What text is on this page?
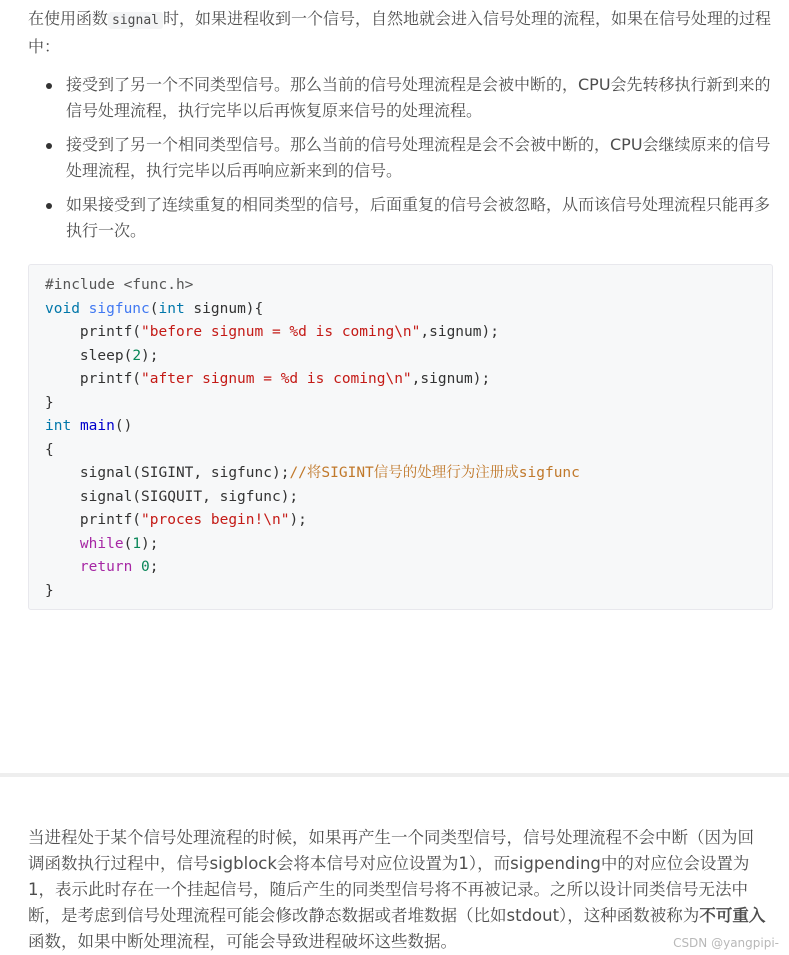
在使用函数 signal 时，如果进程收到一个信号，自然地就会进入信号处理的流程，如果在信号处理的过程中：

接受到了另一个不同类型信号。那么当前的信号处理流程是会被中断的，CPU会先转移执行新到来的信号处理流程，执行完毕以后再恢复原来信号的处理流程。
接受到了另一个相同类型信号。那么当前的信号处理流程是会不会被中断的，CPU会继续原来的信号处理流程，执行完毕以后再响应新来到的信号。
如果接受到了连续重复的相同类型的信号，后面重复的信号会被忽略，从而该信号处理流程只能再多执行一次。
#include <func.h>
void sigfunc(int signum){
printf("before signum = %d is coming\n",signum);
sleep(2);
printf("after signum = %d is coming\n",signum);
}
int main()
{
signal(SIGINT, sigfunc);//将SIGINT信号的处理行为注册成sigfunc
signal(SIGQUIT, sigfunc);
printf("proces begin!\n");
while(1);
return 0;
}

当进程处于某个信号处理流程的时候，如果再产生一个同类型信号，信号处理流程不会中断（因为回调函数执行过程中，信号sigblock会将本信号对应位设置为1），而sigpending中的对应位会设置为1，表示此时存在一个挂起信号，随后产生的同类型信号将不再被记录。之所以设计同类信号无法中断，是考虑到信号处理流程可能会修改静态数据或者堆数据（比如stdout），这种函数被称为不可重入函数，如果中断处理流程，可能会导致进程破坏这些数据。	CSDN @yangpipi-
